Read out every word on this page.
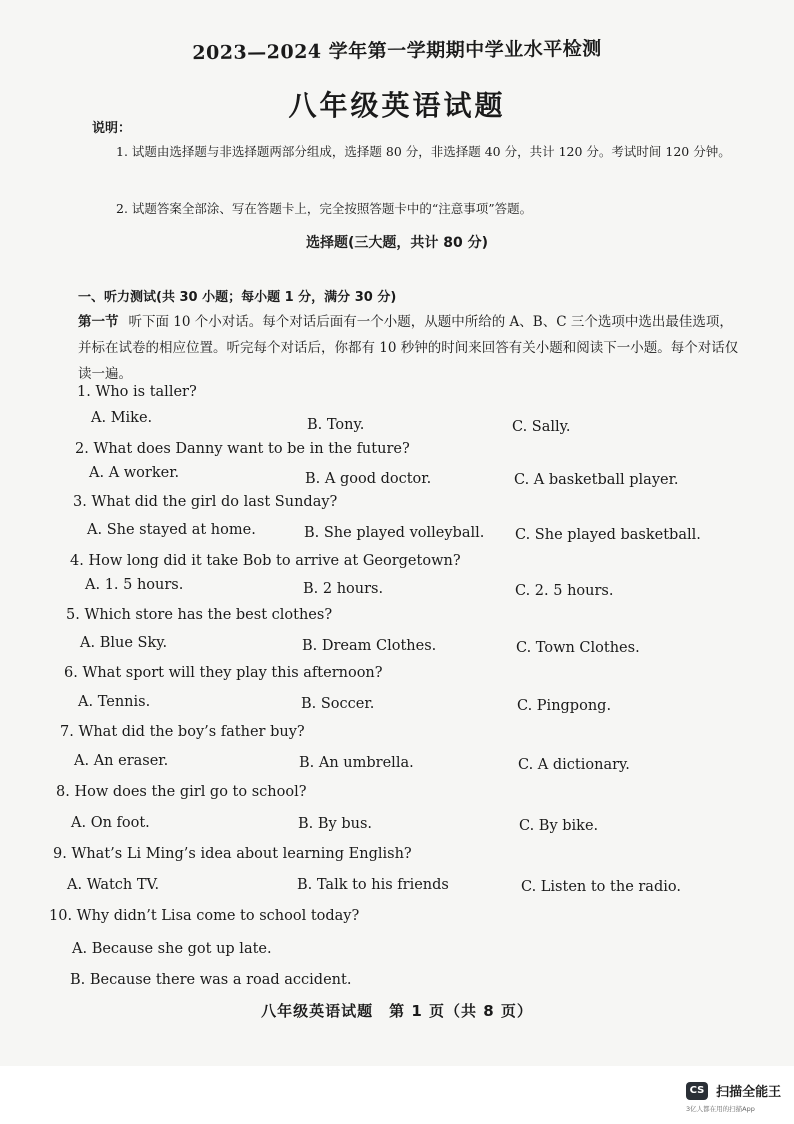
2023—2024 学年第一学期期中学业水平检测
八年级英语试题
说明：
1. 试题由选择题与非选择题两部分组成，选择题 80 分，非选择题 40 分，共计 120 分。考试时间 120 分钟。
2. 试题答案全部涂、写在答题卡上，完全按照答题卡中的“注意事项”答题。
选择题(三大题，共计 80 分)
一、听力测试(共 30 小题；每小题 1 分，满分 30 分)
第一节 听下面 10 个小对话。每个对话后面有一个小题，从题中所给的 A、B、C 三个选项中选出最佳选项，并标在试卷的相应位置。听完每个对话后，你都有 10 秒钟的时间来回答有关小题和阅读下一小题。每个对话仅读一遍。
1. Who is taller?
A. Mike.	B. Tony.	C. Sally.
2. What does Danny want to be in the future?
A. A worker.	B. A good doctor.	C. A basketball player.
3. What did the girl do last Sunday?
A. She stayed at home.	B. She played volleyball. C. She played basketball.
4. How long did it take Bob to arrive at Georgetown?
A. 1. 5 hours.	B. 2 hours.	C. 2. 5 hours.
5. Which store has the best clothes?
A. Blue Sky.	B. Dream Clothes.	C. Town Clothes.
6. What sport will they play this afternoon?
A. Tennis.	B. Soccer.	C. Pingpong.
7. What did the boy’s father buy?
A. An eraser.	B. An umbrella.	C. A dictionary.
8. How does the girl go to school?
A. On foot.	B. By bus.	C. By bike.
9. What’s Li Ming’s idea about learning English?
A. Watch TV.	B. Talk to his friends	C. Listen to the radio.
10. Why didn’t Lisa come to school today?
A. Because she got up late.
B. Because there was a road accident.
八年级英语试题　第 1 页（共 8 页）
CS 扫描全能王
3亿人都在用的扫描App
